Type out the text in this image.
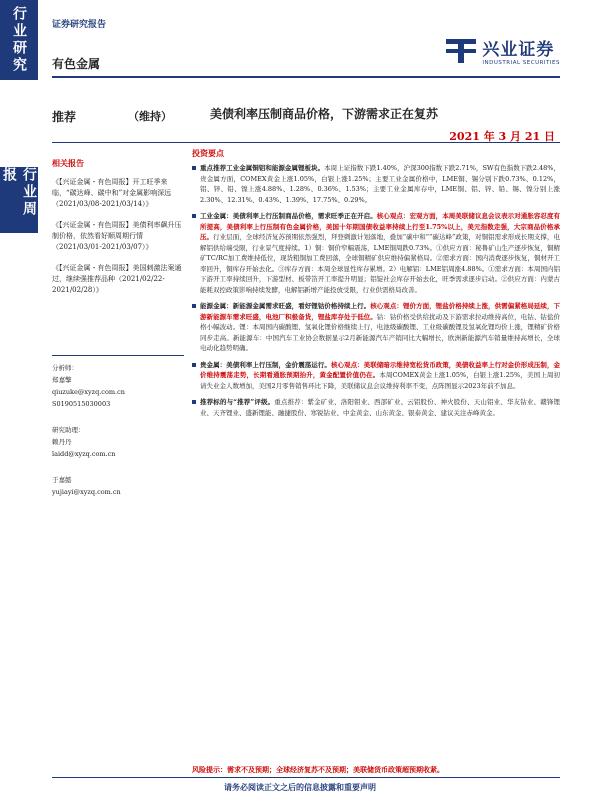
行业研究
行业周报
证券研究报告
有色金属
兴业证券
INDUSTRIAL SECURITIES
推荐	（维持）	美债利率压制商品价格，下游需求正在复苏
2021 年 3 月 21 日
相关报告
《【兴证金属・有色周报】开工旺季来临，“碳达峰、碳中和”对金属影响深远
（2021/03/08-2021/03/14）》
《【兴证金属・有色周报】美债利率飙升压制价格，依然看好顺周期行情（2021/03/01-2021/03/07）》
《【兴证金属・有色周报】美国刺激法案通过，继续强推荐品种（2021/02/22-2021/02/28）》
分析师：
郑嘉擎
qiuzuke@xyzq.com.cn
S0190515030003
研究助理：
赖丹丹
laidd@xyzq.com.cn
于嘉懿
yujiayi@xyzq.com.cn
投资要点
重点推荐工业金属铜铝和能源金属锂板块。本周上证指数下跌1.40%，沪深300指数下跌2.71%，SW有色指数下跌2.48%，贵金属方面，COMEX黄金上涨1.05%，白银上涨1.25%；主要工业金属价格中，LME铜、锡分别下跌0.73%、0.12%，铝、锌、铅、镍上涨4.88%、1.28%、0.36%、1.53%；主要工业金属库存中，LME铜、铝、锌、铅、锡、镍分别上涨2.30%、12.31%、0.43%、1.39%、17.75%、0.29%。
工业金属：美债利率上行压制商品价格，需求旺季正在开启。核心观点：宏观方面，本周美联储议息会议表示对通胀容忍度有所提高，美债利率上行压制有色金属价格，美国十年期国债收益率持续上行至1.75%以上，美元指数走强，大宗商品价格承压。行业层面，全球经济复苏预期依然强烈，拜登刺激计划落地，叠加“碳中和”“碳达峰”政策，对铜铝需求形成长期支撑，电解铝供给端受限，行业景气度持续。1）铜：铜价窄幅震荡，LME铜周跌0.73%。①供应方面：秘鲁矿山生产逐步恢复，铜精矿TC/RC加工费维持低位，现货粗铜加工费回落，全球铜精矿供应维持偏紧格局。②需求方面：国内消费逐步恢复，铜材开工率回升，铜库存开始去化。③库存方面：本周全球显性库存累增。2）电解铝：LME铝周涨4.88%。①需求方面：本周国内铝下游开工率持续回升，下游型材、板带箔开工率提升明显；铝锭社会库存开始去化，旺季需求逐步启动。②供应方面：内蒙古能耗双控政策影响持续发酵，电解铝新增产能投放受限，行业供需格局改善。
能源金属：新能源金属需求旺盛，看好锂钴价格持续上行。核心观点：锂价方面，锂盐价格持续上涨，供需偏紧格局延续，下游新能源车需求旺盛，电池厂积极备货，锂盐库存处于低位。钴：钴价格受供给扰动及下游需求拉动维持高位，电钴、钴盐价格小幅波动。锂：本周国内碳酸锂、氢氧化锂价格继续上行，电池级碳酸锂、工业级碳酸锂及氢氧化锂均价上涨，锂精矿价格同步走高。新能源车：中国汽车工业协会数据显示2月新能源汽车产销同比大幅增长，欧洲新能源汽车销量维持高增长，全球电动化趋势明确。
贵金属：美债利率上行压制，金价震荡运行。核心观点：美联储暗示维持宽松货币政策，美债收益率上行对金价形成压制，金价维持震荡走势，长期看通胀预期抬升，黄金配置价值仍在。本周COMEX黄金上涨1.05%，白银上涨1.25%，美国上周初请失业金人数增加，美国2月零售销售环比下降，美联储议息会议维持利率不变，点阵图显示2023年前不加息。
推荐标的与“推荐”评级。重点推荐：紫金矿业、洛阳钼业、西部矿业、云铝股份、神火股份、天山铝业、华友钴业、赣锋锂业、天齐锂业、盛新锂能、融捷股份、寒锐钴业、中金黄金、山东黄金、银泰黄金、建议关注赤峰黄金。
风险提示：需求不及预期；全球经济复苏不及预期；美联储货币政策超预期收紧。
请务必阅读正文之后的信息披露和重要声明
